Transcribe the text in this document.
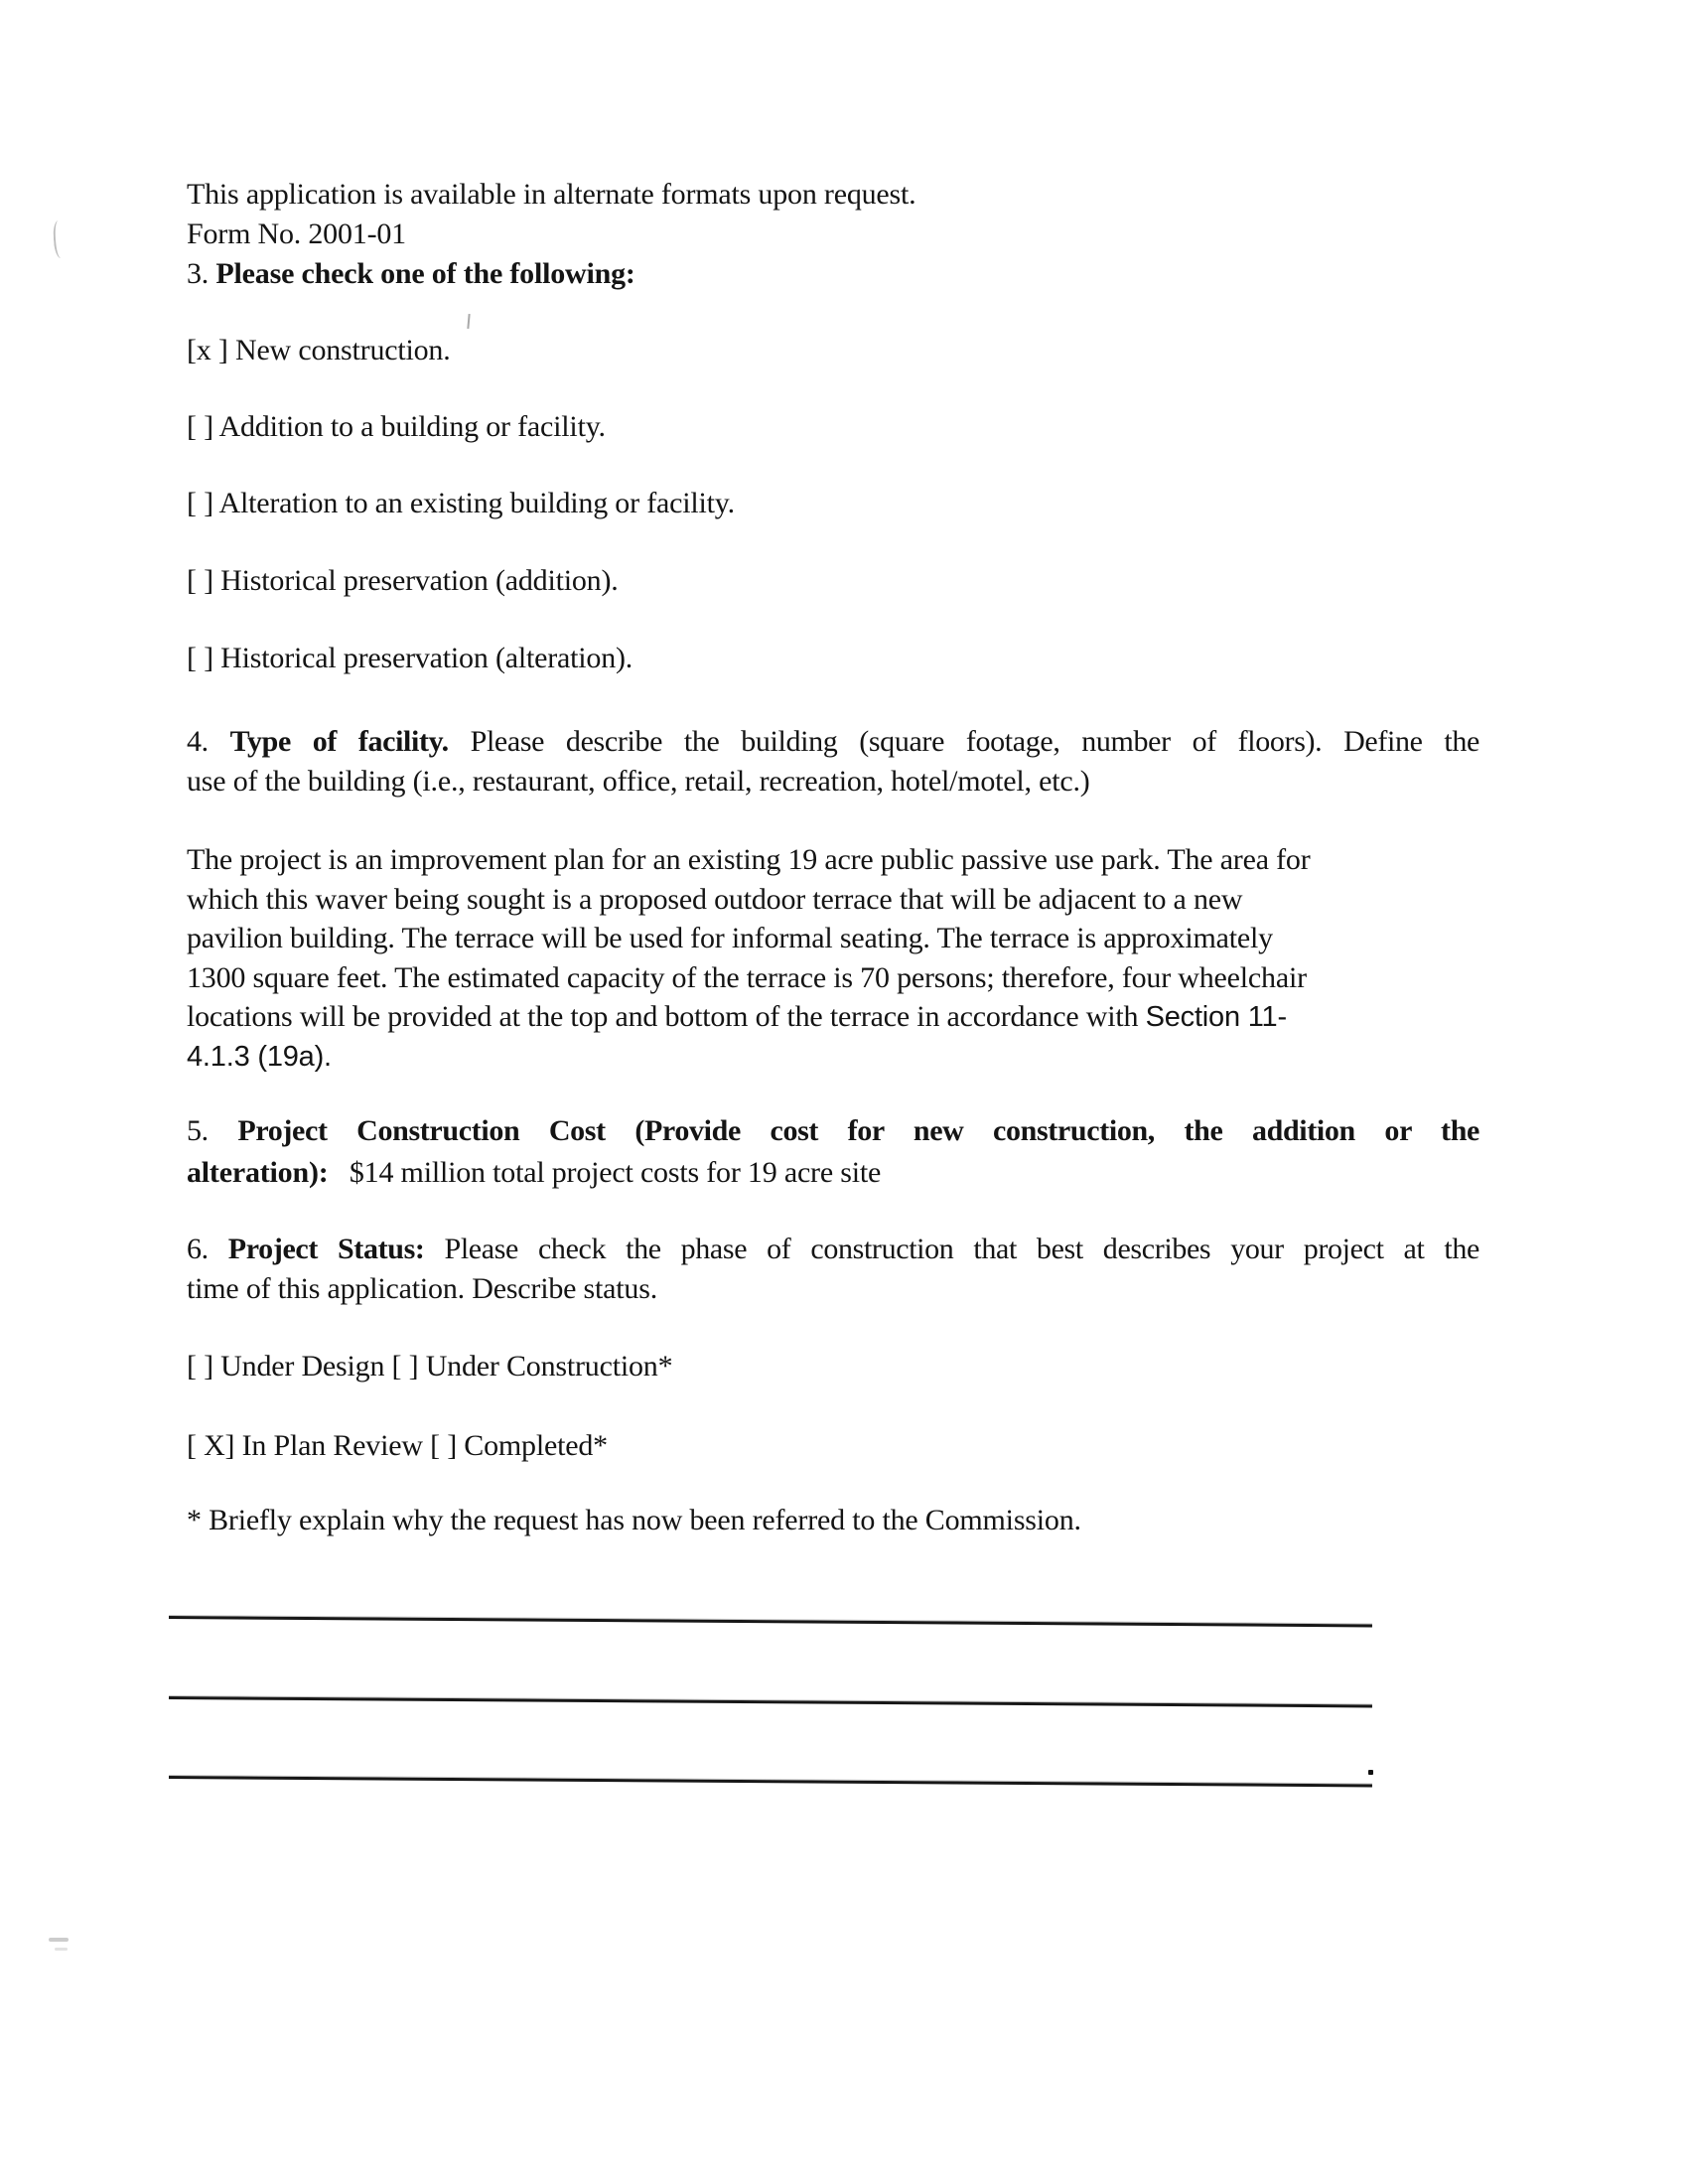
This application is available in alternate formats upon request.
Form No. 2001-01
3. Please check one of the following:
[x ] New construction.
[ ] Addition to a building or facility.
[ ] Alteration to an existing building or facility.
[ ] Historical preservation (addition).
[ ] Historical preservation (alteration).
4. Type of facility. Please describe the building (square footage, number of floors). Define the
use of the building (i.e., restaurant, office, retail, recreation, hotel/motel, etc.)
The project is an improvement plan for an existing 19 acre public passive use park. The area for
which this waver being sought is a proposed outdoor terrace that will be adjacent to a new
pavilion building. The terrace will be used for informal seating. The terrace is approximately
1300 square feet. The estimated capacity of the terrace is 70 persons; therefore, four wheelchair
locations will be provided at the top and bottom of the terrace in accordance with Section 11-
4.1.3 (19a).
5. Project Construction Cost (Provide cost for new construction, the addition or the
alteration): $14 million total project costs for 19 acre site
6. Project Status: Please check the phase of construction that best describes your project at the
time of this application. Describe status.
[ ] Under Design [ ] Under Construction*
[ X] In Plan Review [ ] Completed*
* Briefly explain why the request has now been referred to the Commission.
